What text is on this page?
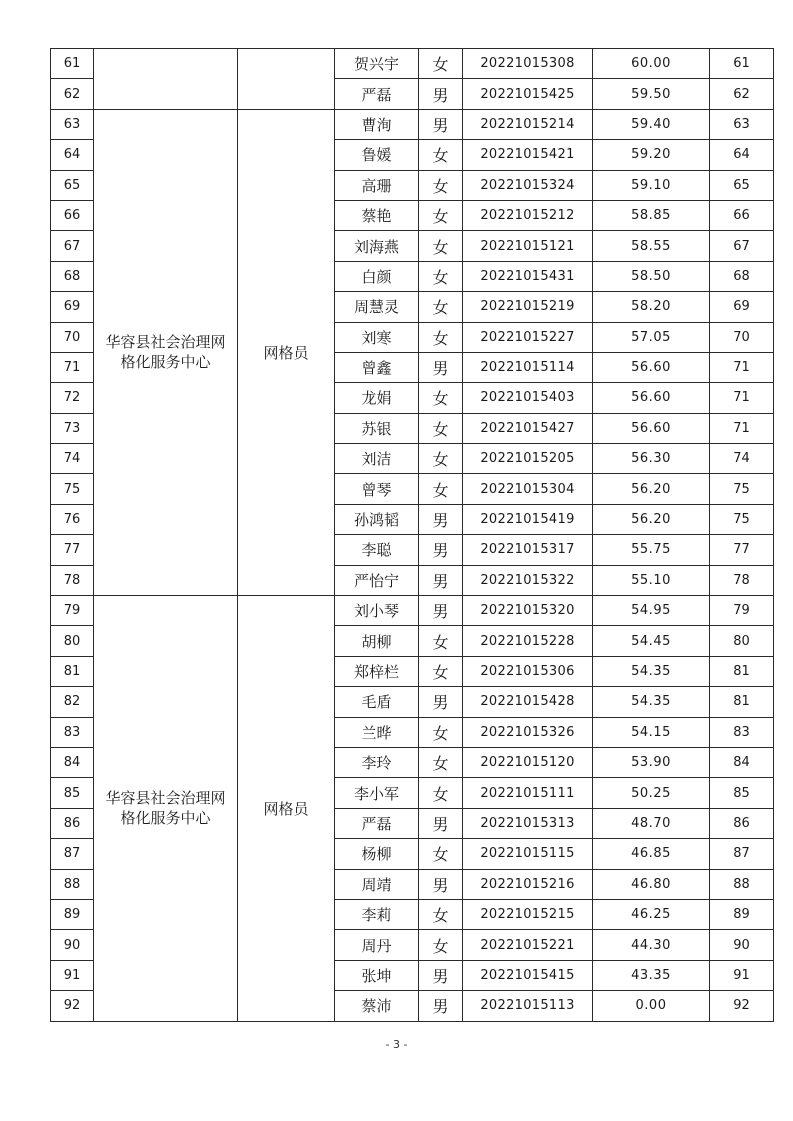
61			贺兴宇	女	20221015308	60.00	61
62			严磊	男	20221015425	59.50	62
63	华容县社会治理网格化服务中心	网格员	曹洵	男	20221015214	59.40	63
64			鲁媛	女	20221015421	59.20	64
65			高珊	女	20221015324	59.10	65
66			蔡艳	女	20221015212	58.85	66
67			刘海燕	女	20221015121	58.55	67
68			白颜	女	20221015431	58.50	68
69			周慧灵	女	20221015219	58.20	69
70			刘寒	女	20221015227	57.05	70
71			曾鑫	男	20221015114	56.60	71
72			龙娟	女	20221015403	56.60	71
73			苏银	女	20221015427	56.60	71
74			刘洁	女	20221015205	56.30	74
75			曾琴	女	20221015304	56.20	75
76			孙鸿韬	男	20221015419	56.20	75
77			李聪	男	20221015317	55.75	77
78			严怡宁	男	20221015322	55.10	78
79	华容县社会治理网格化服务中心	网格员	刘小琴	男	20221015320	54.95	79
80			胡柳	女	20221015228	54.45	80
81			郑梓栏	女	20221015306	54.35	81
82			毛盾	男	20221015428	54.35	81
83			兰晔	女	20221015326	54.15	83
84			李玲	女	20221015120	53.90	84
85			李小军	女	20221015111	50.25	85
86			严磊	男	20221015313	48.70	86
87			杨柳	女	20221015115	46.85	87
88			周靖	男	20221015216	46.80	88
89			李莉	女	20221015215	46.25	89
90			周丹	女	20221015221	44.30	90
91			张坤	男	20221015415	43.35	91
92			蔡沛	男	20221015113	0.00	92
- 3 -
